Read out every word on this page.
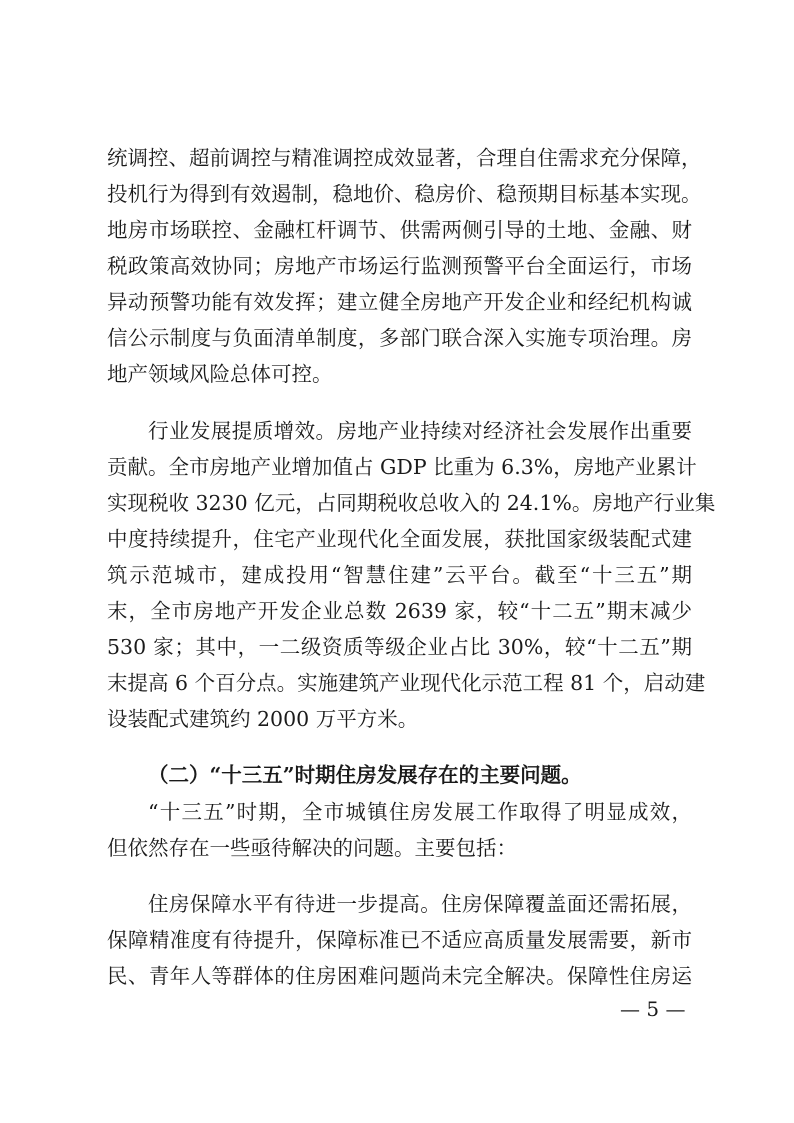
统调控、超前调控与精准调控成效显著，合理自住需求充分保障，
投机行为得到有效遏制，稳地价、稳房价、稳预期目标基本实现。
地房市场联控、金融杠杆调节、供需两侧引导的土地、金融、财
税政策高效协同；房地产市场运行监测预警平台全面运行，市场
异动预警功能有效发挥；建立健全房地产开发企业和经纪机构诚
信公示制度与负面清单制度，多部门联合深入实施专项治理。房
地产领域风险总体可控。
行业发展提质增效。房地产业持续对经济社会发展作出重要
贡献。全市房地产业增加值占 GDP 比重为 6.3%，房地产业累计
实现税收 3230 亿元，占同期税收总收入的 24.1%。房地产行业集
中度持续提升，住宅产业现代化全面发展，获批国家级装配式建
筑示范城市，建成投用“智慧住建”云平台。截至“十三五”期
末，全市房地产开发企业总数 2639 家，较“十二五”期末减少
530 家；其中，一二级资质等级企业占比 30%，较“十二五”期
末提高 6 个百分点。实施建筑产业现代化示范工程 81 个，启动建
设装配式建筑约 2000 万平方米。
（二）“十三五”时期住房发展存在的主要问题。
“十三五”时期，全市城镇住房发展工作取得了明显成效，
但依然存在一些亟待解决的问题。主要包括：
住房保障水平有待进一步提高。住房保障覆盖面还需拓展，
保障精准度有待提升，保障标准已不适应高质量发展需要，新市
民、青年人等群体的住房困难问题尚未完全解决。保障性住房运
— 5 —
